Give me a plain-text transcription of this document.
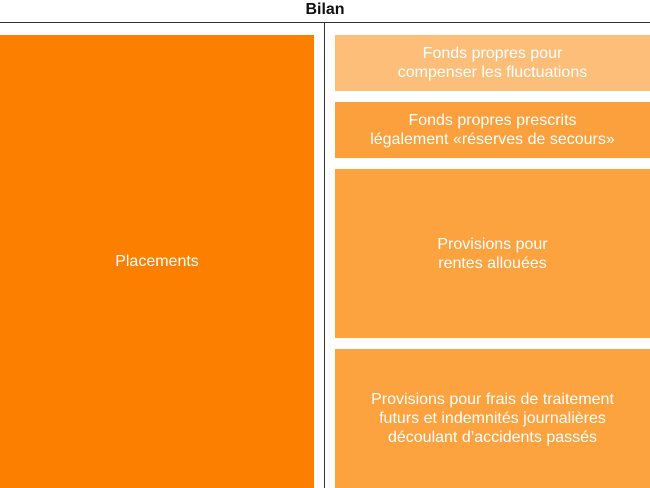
Bilan
Placements
Fonds propres pour
compenser les fluctuations
Fonds propres prescrits
légalement «réserves de secours»
Provisions pour
rentes allouées
Provisions pour frais de traitement
futurs et indemnités journalières
découlant d’accidents passés
